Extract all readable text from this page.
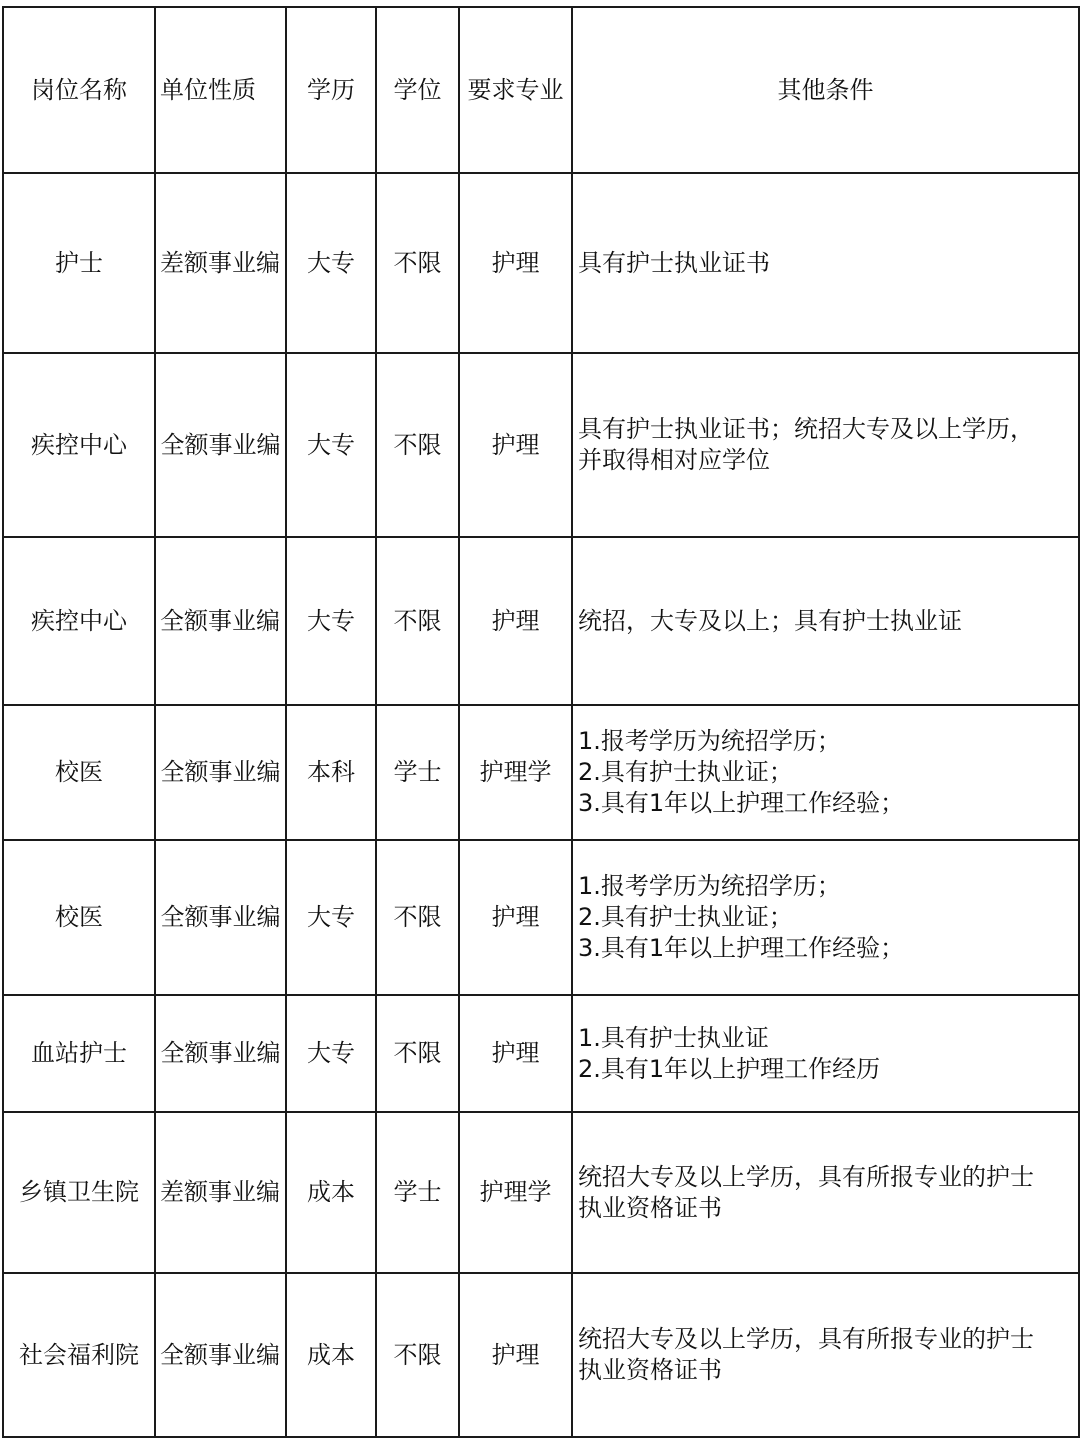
岗位名称	单位性质	学历	学位	要求专业	其他条件
护士	差额事业编	大专	不限	护理	具有护士执业证书

疾控中心	全额事业编	大专	不限	护理	具有护士执业证书；统招大专及以上学历，并取得相对应学位

疾控中心	全额事业编	大专	不限	护理	统招，大专及以上；具有护士执业证

校医	全额事业编	本科	学士	护理学	1.报考学历为统招学历；
2.具有护士执业证；
3.具有1年以上护理工作经验；

校医	全额事业编	大专	不限	护理	1.报考学历为统招学历；
2.具有护士执业证；
3.具有1年以上护理工作经验；

血站护士	全额事业编	大专	不限	护理	1.具有护士执业证
2.具有1年以上护理工作经历

乡镇卫生院	差额事业编	成本	学士	护理学	统招大专及以上学历，具有所报专业的护士执业资格证书

社会福利院	全额事业编	成本	不限	护理	统招大专及以上学历，具有所报专业的护士执业资格证书
